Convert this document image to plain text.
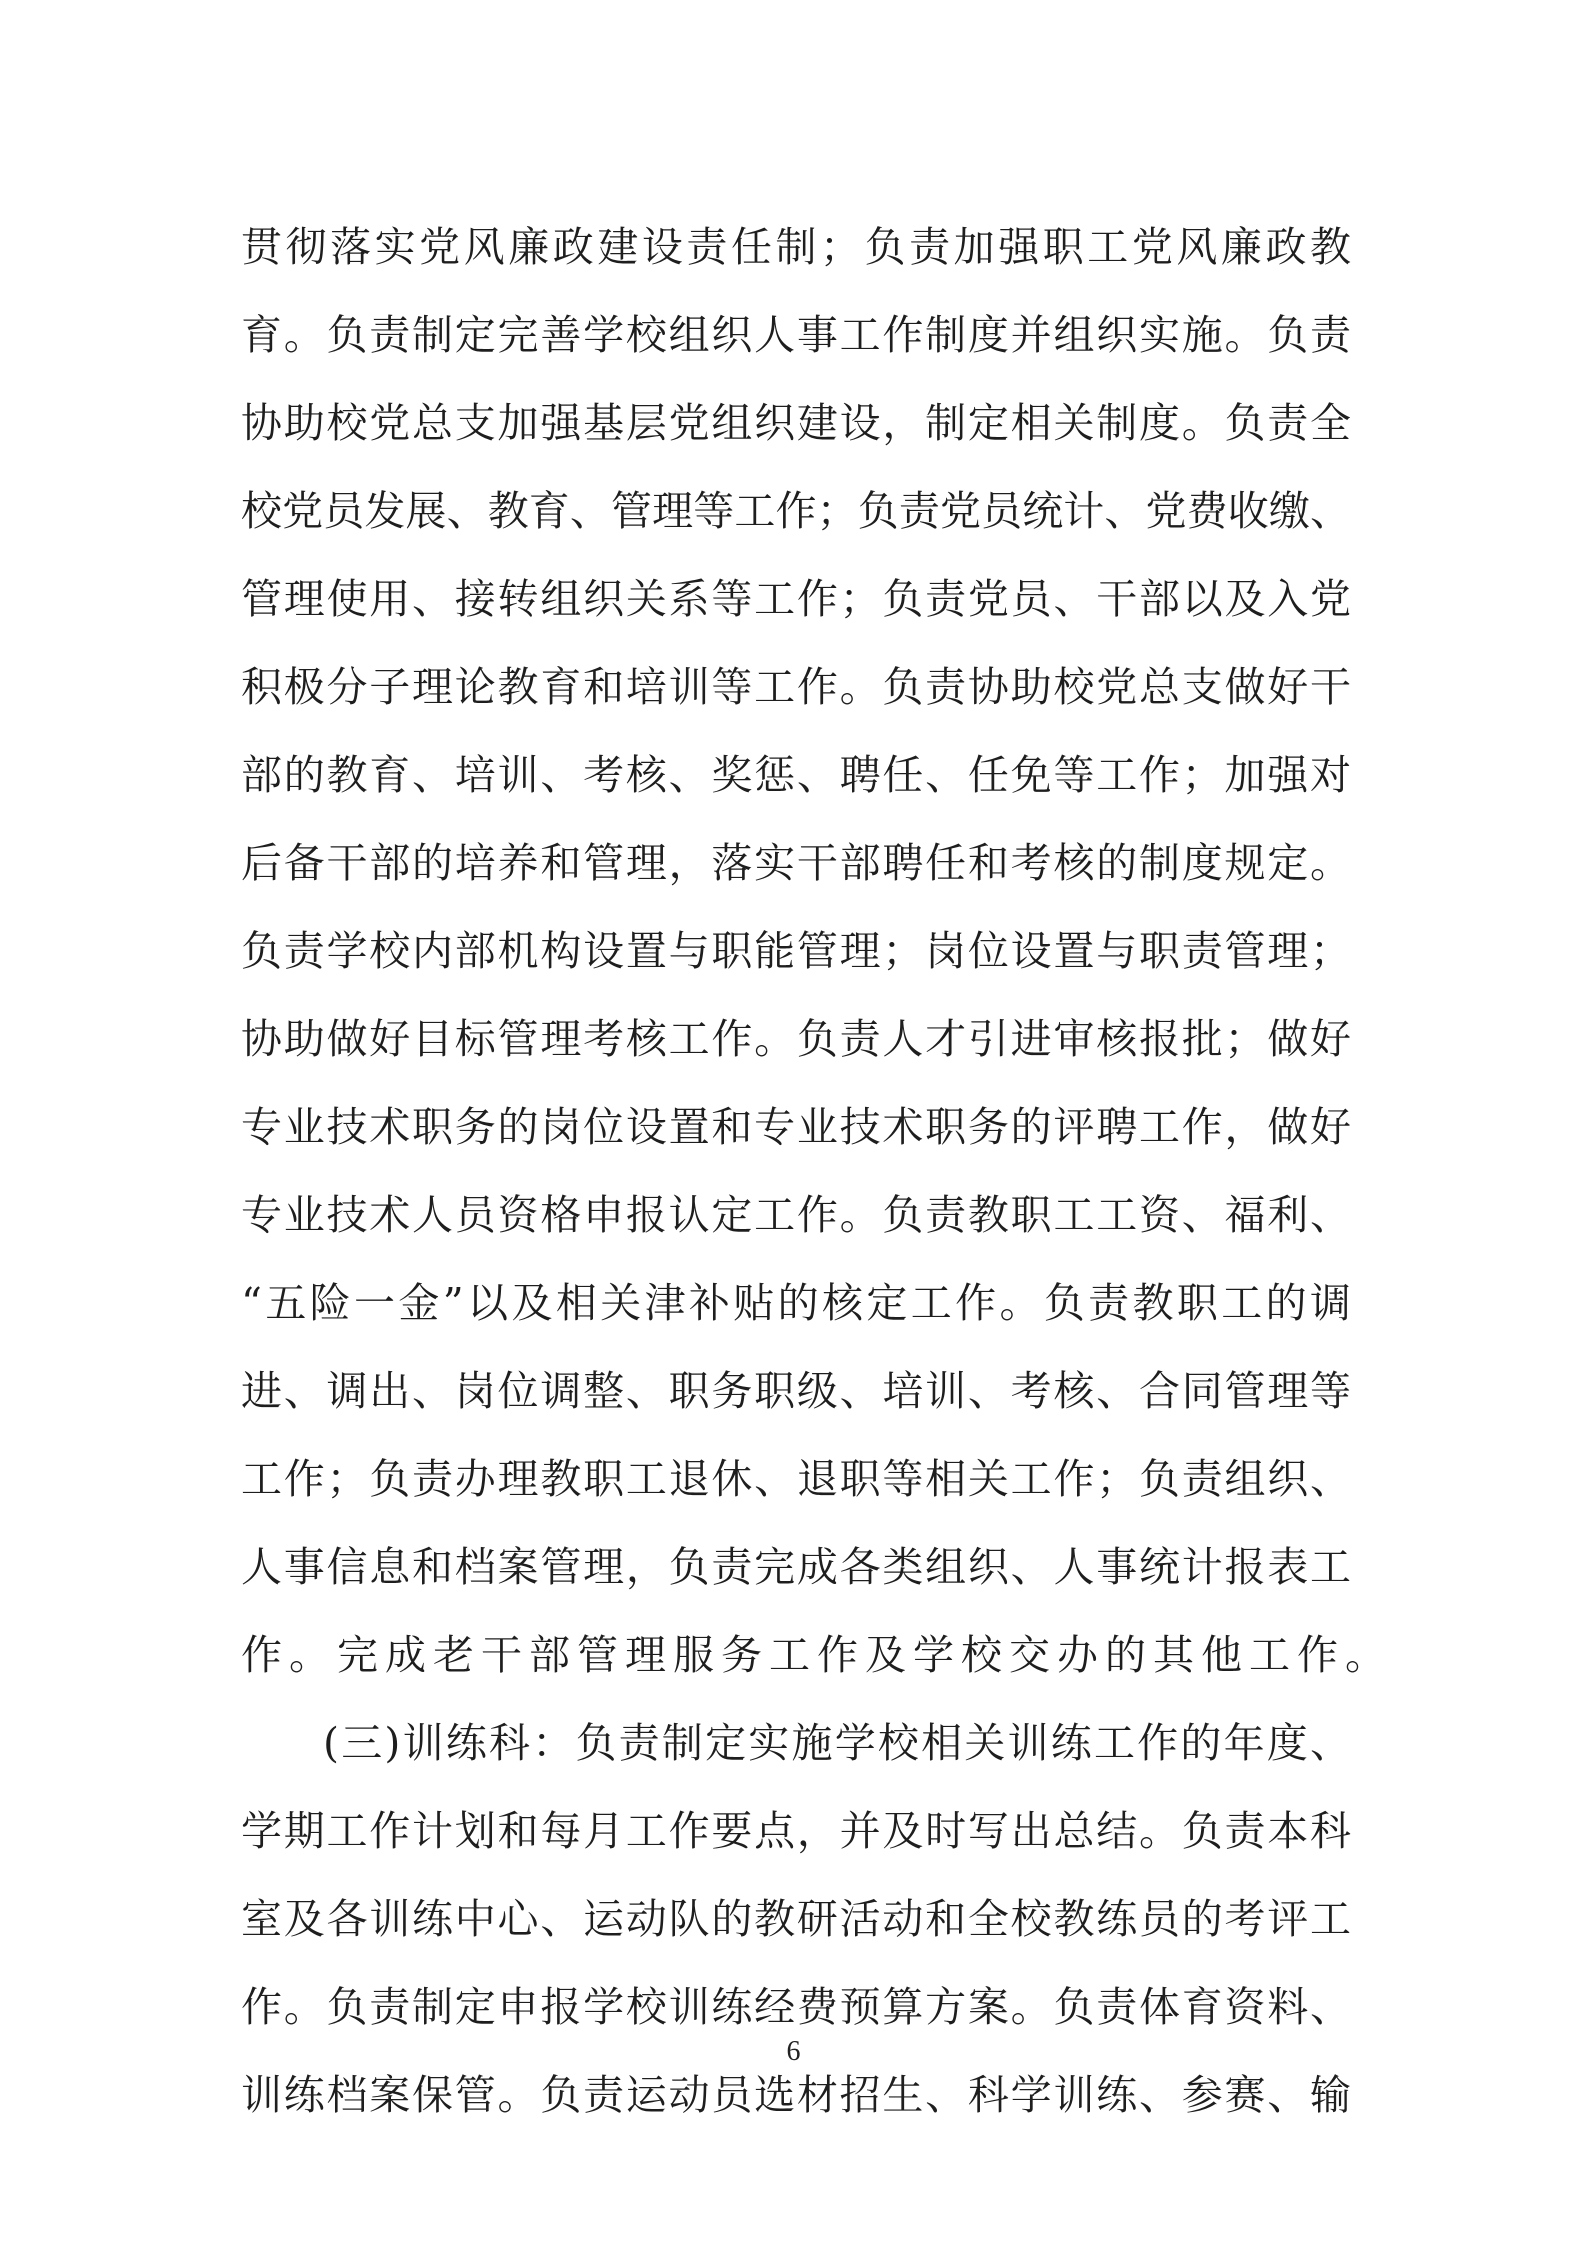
贯彻落实党风廉政建设责任制；负责加强职工党风廉政教
育。负责制定完善学校组织人事工作制度并组织实施。负责
协助校党总支加强基层党组织建设，制定相关制度。负责全
校党员发展、教育、管理等工作；负责党员统计、党费收缴、
管理使用、接转组织关系等工作；负责党员、干部以及入党
积极分子理论教育和培训等工作。负责协助校党总支做好干
部的教育、培训、考核、奖惩、聘任、任免等工作；加强对
后备干部的培养和管理，落实干部聘任和考核的制度规定。
负责学校内部机构设置与职能管理；岗位设置与职责管理；
协助做好目标管理考核工作。负责人才引进审核报批；做好
专业技术职务的岗位设置和专业技术职务的评聘工作，做好
专业技术人员资格申报认定工作。负责教职工工资、福利、
“五险一金”以及相关津补贴的核定工作。负责教职工的调
进、调出、岗位调整、职务职级、培训、考核、合同管理等
工作；负责办理教职工退休、退职等相关工作；负责组织、
人事信息和档案管理，负责完成各类组织、人事统计报表工
作。完成老干部管理服务工作及学校交办的其他工作。
(三)训练科：负责制定实施学校相关训练工作的年度、
学期工作计划和每月工作要点，并及时写出总结。负责本科
室及各训练中心、运动队的教研活动和全校教练员的考评工
作。负责制定申报学校训练经费预算方案。负责体育资料、
训练档案保管。负责运动员选材招生、科学训练、参赛、输
6
